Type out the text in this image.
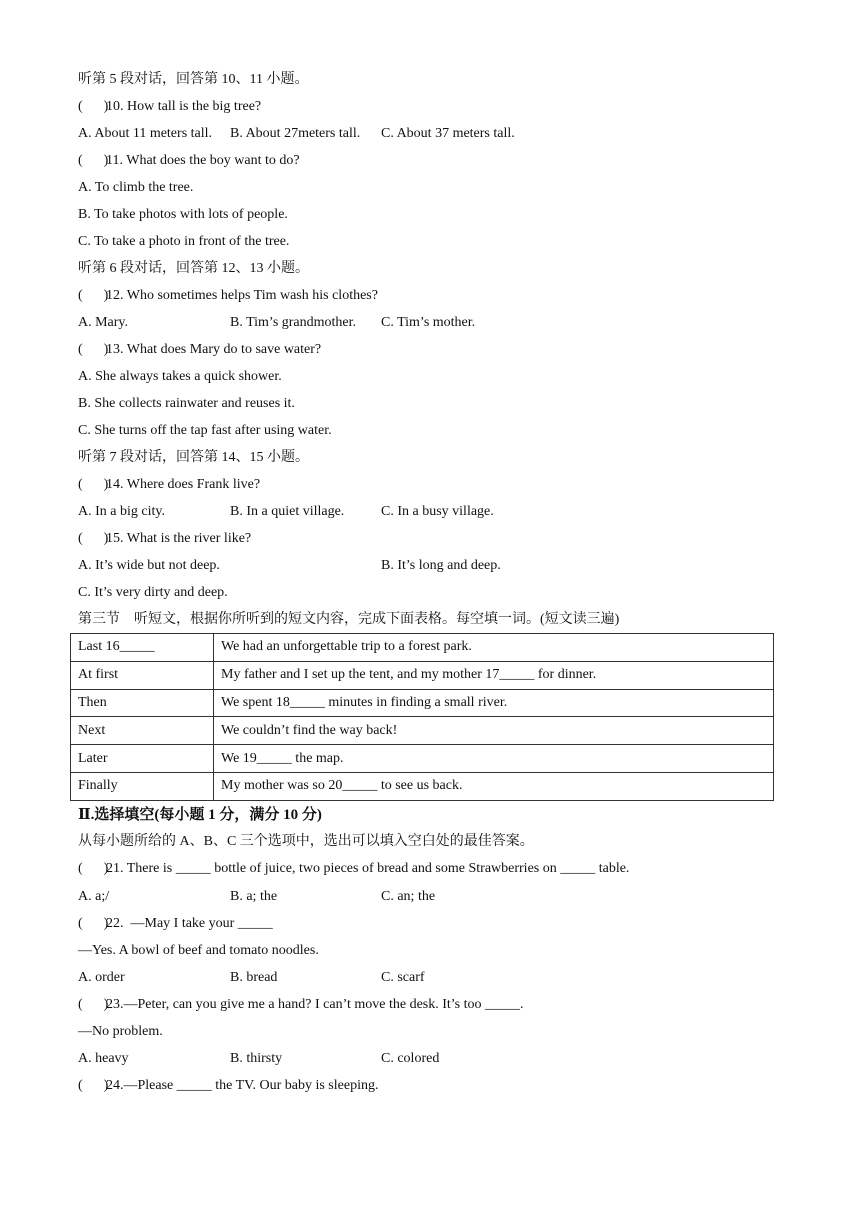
听第 5 段对话，回答第 10、11 小题。
(      )10. How tall is the big tree?
A. About 11 meters tall. B. About 27meters tall. C. About 37 meters tall.
(      )11. What does the boy want to do?
A. To climb the tree.
B. To take photos with lots of people.
C. To take a photo in front of the tree.
听第 6 段对话，回答第 12、13 小题。
(      )12. Who sometimes helps Tim wash his clothes?
A. Mary.	B. Tim’s grandmother. C. Tim’s mother.
(      )13. What does Mary do to save water?
A. She always takes a quick shower.
B. She collects rainwater and reuses it.
C. She turns off the tap fast after using water.
听第 7 段对话，回答第 14、15 小题。
(      )14. Where does Frank live?
A. In a big city.	B. In a quiet village.	C. In a busy village.
(      )15. What is the river like?
A. It’s wide but not deep.	B. It’s long and deep.
C. It’s very dirty and deep.
第三节    听短文，根据你所听到的短文内容，完成下面表格。每空填一词。(短文读三遍)
Last 16_____	We had an unforgettable trip to a forest park.
At first	My father and I set up the tent, and my mother 17_____ for dinner.
Then	We spent 18_____ minutes in finding a small river.
Next	We couldn’t find the way back!
Later	We 19_____ the map.
Finally	My mother was so 20_____ to see us back.
Ⅱ.选择填空(每小题 1 分，满分 10 分)
从每小题所给的 A、B、C 三个选项中，选出可以填入空白处的最佳答案。
(      )21. There is _____ bottle of juice, two pieces of bread and some Strawberries on _____ table.
A. a;/	B. a; the	C. an; the
(      )22.  —May I take your _____
—Yes. A bowl of beef and tomato noodles.
A. order	B. bread	C. scarf
(      )23.—Peter, can you give me a hand? I can’t move the desk. It’s too _____.
—No problem.
A. heavy	B. thirsty	C. colored
(      )24.—Please _____ the TV. Our baby is sleeping.
